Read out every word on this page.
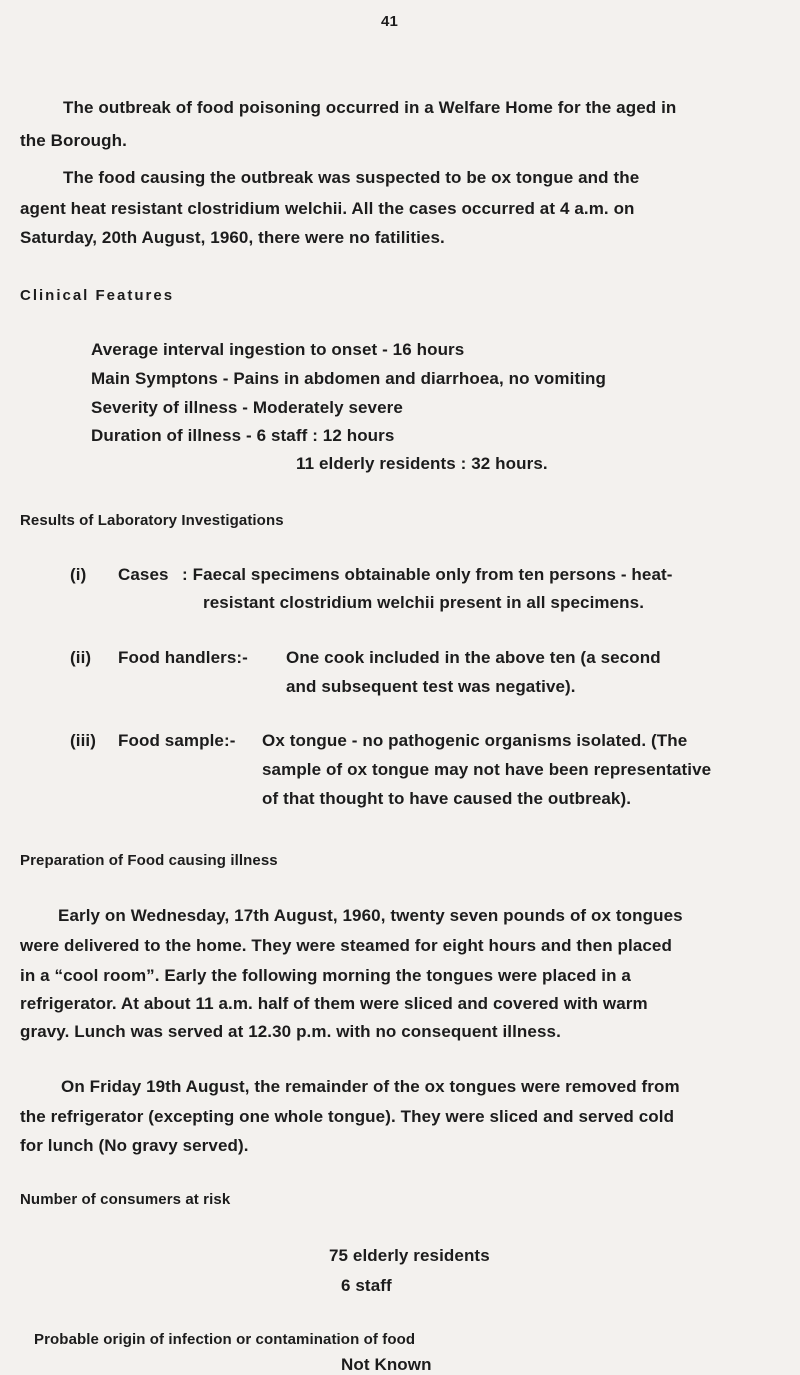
41

The outbreak of food poisoning occurred in a Welfare Home for the aged in

the Borough.

The food causing the outbreak was suspected to be ox tongue and the

agent heat resistant clostridium welchii. All the cases occurred at 4 a.m. on

Saturday, 20th August, 1960, there were no fatilities.

Clinical Features

Average interval ingestion to onset - 16 hours

Main Symptons - Pains in abdomen and diarrhoea, no vomiting

Severity of illness - Moderately severe

Duration of illness - 6 staff : 12 hours

11 elderly residents : 32 hours.

Results of Laboratory Investigations

(i) Cases : Faecal specimens obtainable only from ten persons - heat-

resistant clostridium welchii present in all specimens.

(ii) Food handlers:- One cook included in the above ten (a second

and subsequent test was negative).

(iii) Food sample:- Ox tongue - no pathogenic organisms isolated. (The

sample of ox tongue may not have been representative

of that thought to have caused the outbreak).

Preparation of Food causing illness

Early on Wednesday, 17th August, 1960, twenty seven pounds of ox tongues

were delivered to the home. They were steamed for eight hours and then placed

in a “cool room”. Early the following morning the tongues were placed in a

refrigerator. At about 11 a.m. half of them were sliced and covered with warm

gravy. Lunch was served at 12.30 p.m. with no consequent illness.

On Friday 19th August, the remainder of the ox tongues were removed from

the refrigerator (excepting one whole tongue). They were sliced and served cold

for lunch (No gravy served).

Number of consumers at risk

75 elderly residents

6 staff

Probable origin of infection or contamination of food

Not Known
